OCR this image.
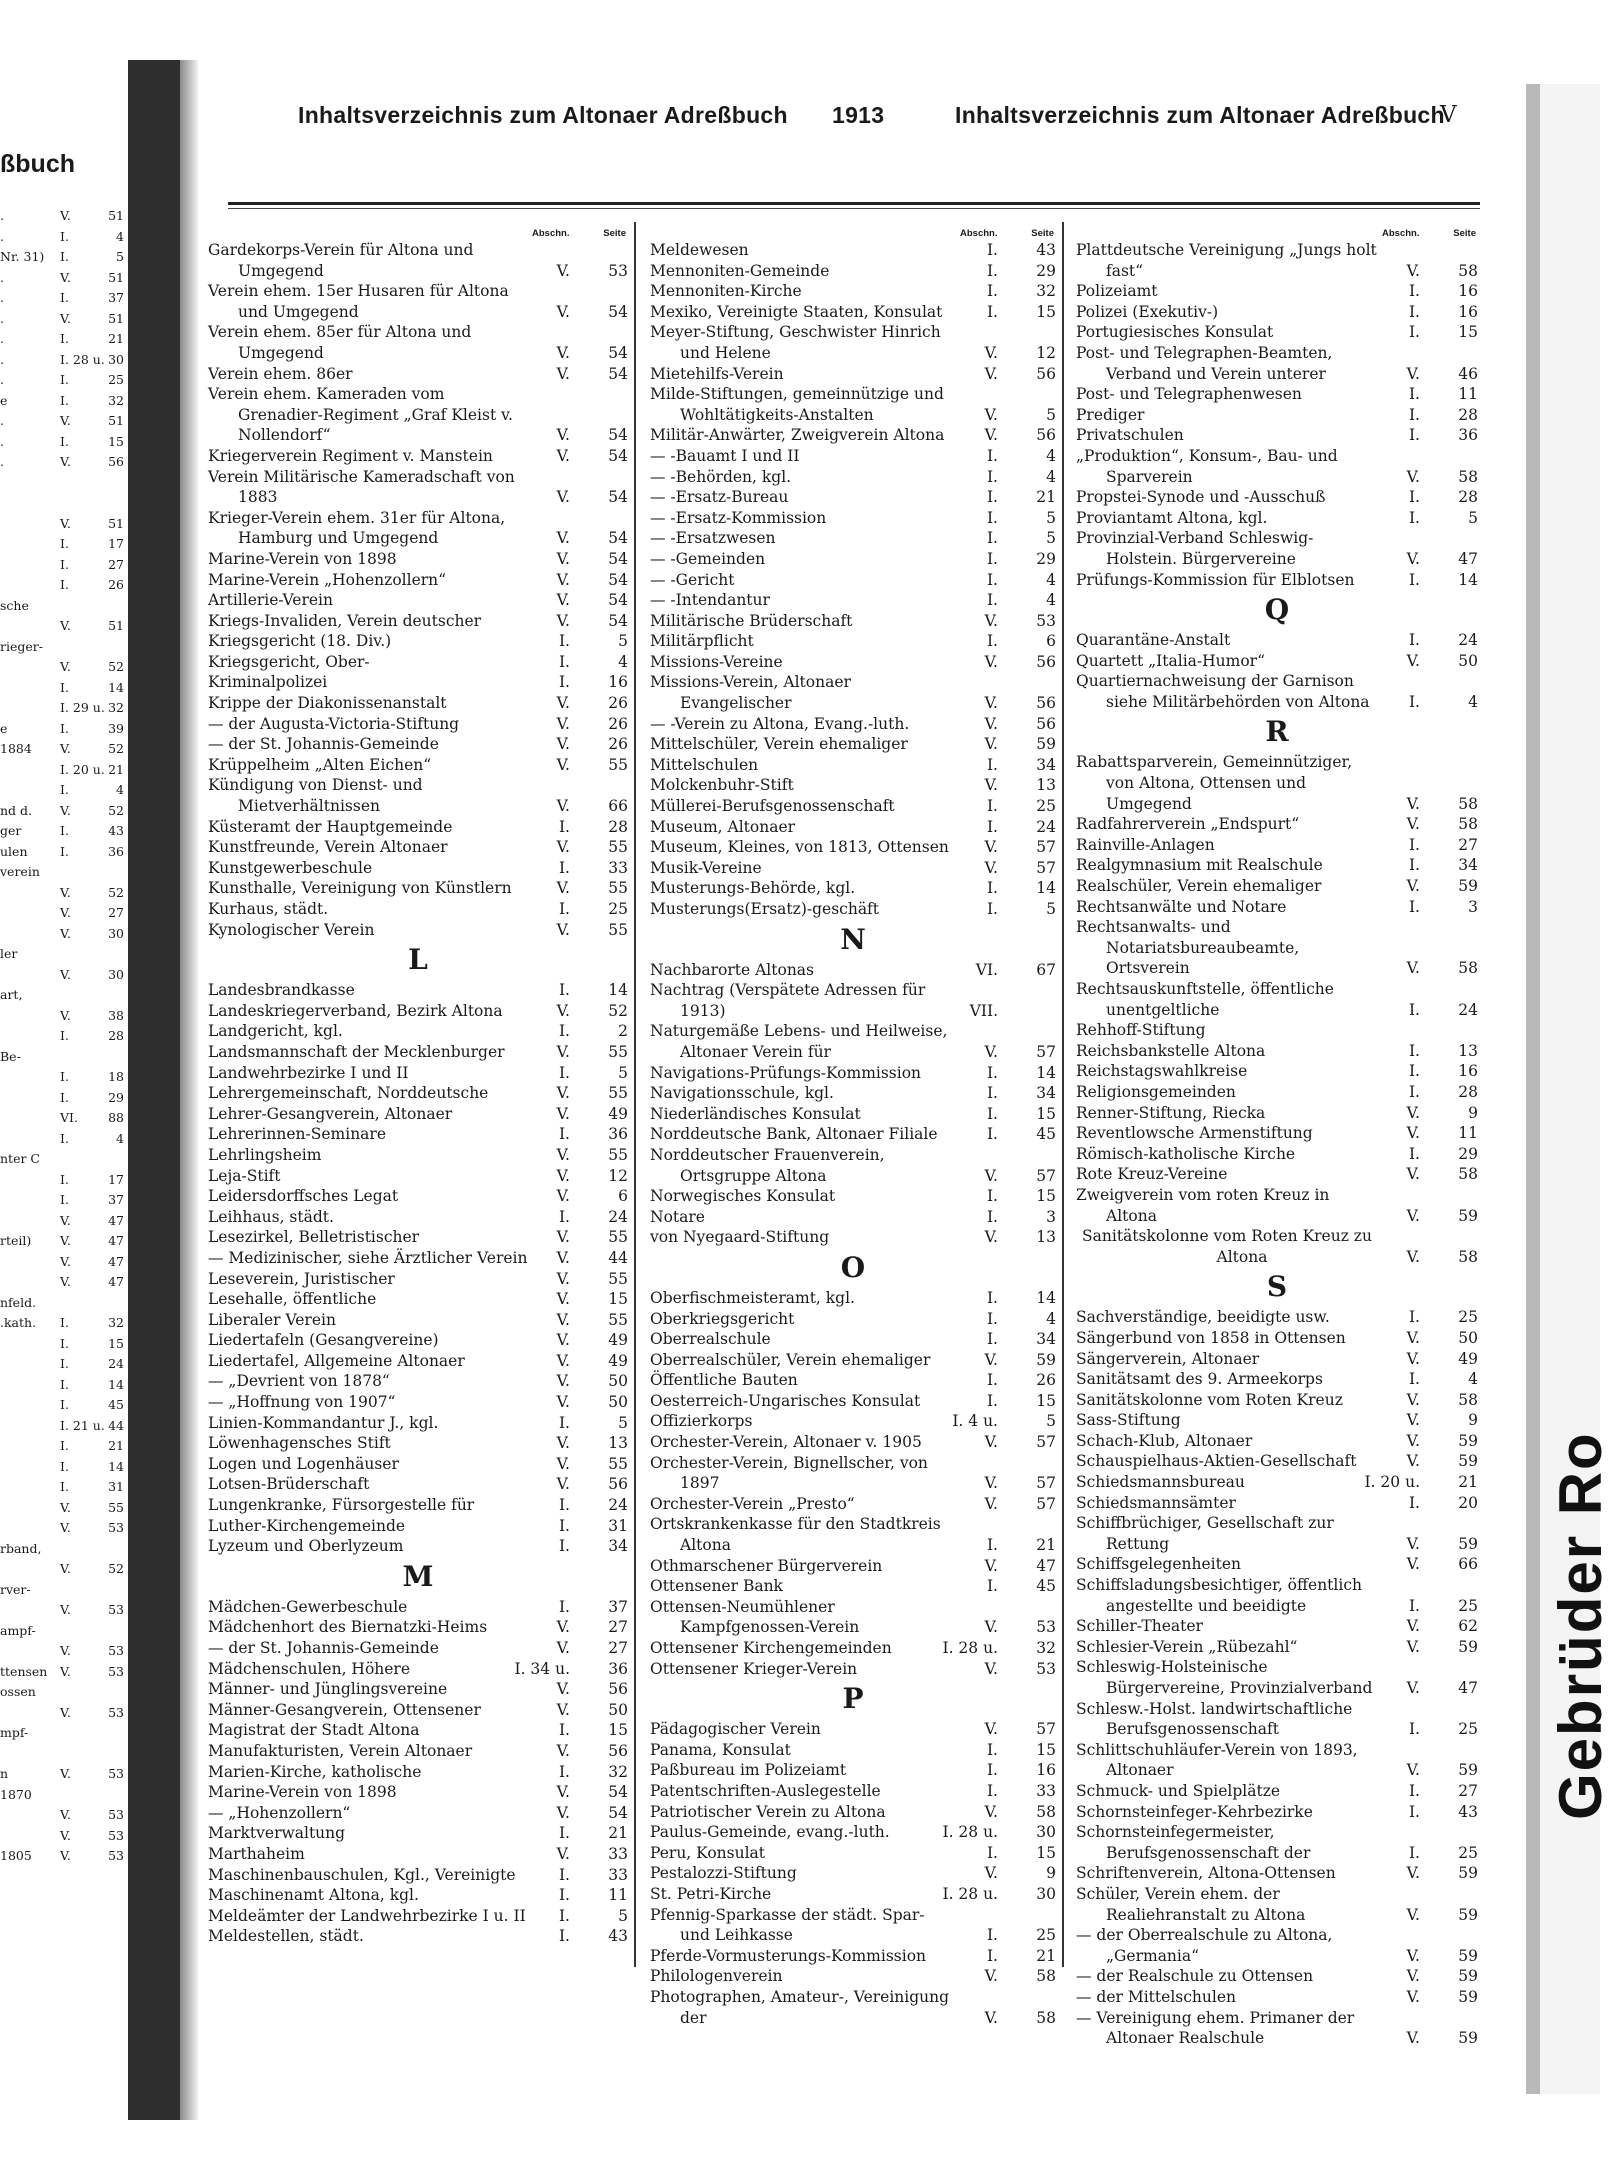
ßbuch
.	V.	51
.	I.	4
Nr. 31) I.	5
.	V.	51
.	I.	37
.	V.	51
.	I.	21
.	I. 28 u. 30
.	I.	25
e	I.	32
.	V.	51
.	I.	15
.	V.	56
V.	51
I.	17
I.	27
I.	26
sche
V.	51
rieger-
V.	52
I.	14
I. 29 u. 32
e	I.	39
1884 V.	52
I. 20 u. 21
I.	4
nd d. V.	52
ger	I.	43
ulen	I.	36
verein
V.	52
V.	27
V.	30
ler
V.	30
art,
V.	38
I.	28
Be-
I.	18
I.	29
VI. 88
I.	4
nter C
I.	17
I.	37
V.	47
rteil) V.	47
V.	47
V.	47
nfeld.
.kath. I.	32
I.	15
I.	24
I.	14
I.	45
I. 21 u. 44
I.	21
I.	14
I.	31
V.	55
V.	53
rband,
V.	52
rver-
V.	53
ampf-
V.	53
ttensen V.	53
ossen
V.	53
mpf-
n	V.	53
1870
V.	53
V.	53
1805 V.	53
Gebrüder Ro
Inhaltsverzeichnis zum Altonaer Adreßbuch 1913	Inhaltsverzeichnis zum Altonaer Adreßbuch
V
Abschn.	Seite
Gardekorps-Verein für Altona und Umgegend	V.	53
Verein ehem. 15er Husaren für Altona und Umgegend	V.	54
Verein ehem. 85er für Altona und Umgegend	V.	54
Verein ehem. 86er	V.	54
Verein ehem. Kameraden vom Grenadier-Regiment „Graf Kleist v. Nollendorf“	V.	54
Kriegerverein Regiment v. Manstein	V.	54
Verein Militärische Kameradschaft von 1883	V.	54
Krieger-Verein ehem. 31er für Altona, Hamburg und Umgegend	V.	54
Marine-Verein von 1898	V.	54
Marine-Verein „Hohenzollern“	V.	54
Artillerie-Verein	V.	54
Kriegs-Invaliden, Verein deutscher	V.	54
Kriegsgericht (18. Div.)	I.	5
Kriegsgericht, Ober-	I.	4
Kriminalpolizei	I.	16
Krippe der Diakonissenanstalt	V.	26
— der Augusta-Victoria-Stiftung	V.	26
— der St. Johannis-Gemeinde	V.	26
Krüppelheim „Alten Eichen“	V.	55
Kündigung von Dienst- und Mietverhältnissen	V.	66
Küsteramt der Hauptgemeinde	I.	28
Kunstfreunde, Verein Altonaer	V.	55
Kunstgewerbeschule	I.	33
Kunsthalle, Vereinigung von Künstlern	V.	55
Kurhaus, städt.	I.	25
Kynologischer Verein	V.	55
L
Landesbrandkasse	I.	14
Landeskriegerverband, Bezirk Altona	V.	52
Landgericht, kgl.	I.	2
Landsmannschaft der Mecklenburger	V.	55
Landwehrbezirke I und II	I.	5
Lehrergemeinschaft, Norddeutsche	V.	55
Lehrer-Gesangverein, Altonaer	V.	49
Lehrerinnen-Seminare	I.	36
Lehrlingsheim	V.	55
Leja-Stift	V.	12
Leidersdorffsches Legat	V.	6
Leihhaus, städt.	I.	24
Lesezirkel, Belletristischer	V.	55
— Medizinischer, siehe Ärztlicher Verein	V.	44
Leseverein, Juristischer	V.	55
Lesehalle, öffentliche	V.	15
Liberaler Verein	V.	55
Liedertafeln (Gesangvereine)	V.	49
Liedertafel, Allgemeine Altonaer	V.	49
— „Devrient von 1878“	V.	50
— „Hoffnung von 1907“	V.	50
Linien-Kommandantur J., kgl.	I.	5
Löwenhagensches Stift	V.	13
Logen und Logenhäuser	V.	55
Lotsen-Brüderschaft	V.	56
Lungenkranke, Fürsorgestelle für	I.	24
Luther-Kirchengemeinde	I.	31
Lyzeum und Oberlyzeum	I.	34
M
Mädchen-Gewerbeschule	I.	37
Mädchenhort des Biernatzki-Heims	V.	27
— der St. Johannis-Gemeinde	V.	27
Mädchenschulen, Höhere	I. 34 u.	36
Männer- und Jünglingsvereine	V.	56
Männer-Gesangverein, Ottensener	V.	50
Magistrat der Stadt Altona	I.	15
Manufakturisten, Verein Altonaer	V.	56
Marien-Kirche, katholische	I.	32
Marine-Verein von 1898	V.	54
— „Hohenzollern“	V.	54
Marktverwaltung	I.	21
Marthaheim	V.	33
Maschinenbauschulen, Kgl., Vereinigte	I.	33
Maschinenamt Altona, kgl.	I.	11
Meldeämter der Landwehrbezirke I u. II	I.	5
Meldestellen, städt.	I.	43
Abschn.	Seite
Meldewesen	I.	43
Mennoniten-Gemeinde	I.	29
Mennoniten-Kirche	I.	32
Mexiko, Vereinigte Staaten, Konsulat	I.	15
Meyer-Stiftung, Geschwister Hinrich und Helene	V.	12
Mietehilfs-Verein	V.	56
Milde-Stiftungen, gemeinnützige und Wohltätigkeits-Anstalten	V.	5
Militär-Anwärter, Zweigverein Altona	V.	56
— -Bauamt I und II	I.	4
— -Behörden, kgl.	I.	4
— -Ersatz-Bureau	I.	21
— -Ersatz-Kommission	I.	5
— -Ersatzwesen	I.	5
— -Gemeinden	I.	29
— -Gericht	I.	4
— -Intendantur	I.	4
Militärische Brüderschaft	V.	53
Militärpflicht	I.	6
Missions-Vereine	V.	56
Missions-Verein, Altonaer Evangelischer	V.	56
— -Verein zu Altona, Evang.-luth.	V.	56
Mittelschüler, Verein ehemaliger	V.	59
Mittelschulen	I.	34
Molckenbuhr-Stift	V.	13
Müllerei-Berufsgenossenschaft	I.	25
Museum, Altonaer	I.	24
Museum, Kleines, von 1813, Ottensen	V.	57
Musik-Vereine	V.	57
Musterungs-Behörde, kgl.	I.	14
Musterungs(Ersatz)-geschäft	I.	5
N
Nachbarorte Altonas	VI.	67
Nachtrag (Verspätete Adressen für 1913)	VII.
Naturgemäße Lebens- und Heilweise, Altonaer Verein für	V.	57
Navigations-Prüfungs-Kommission	I.	14
Navigationsschule, kgl.	I.	34
Niederländisches Konsulat	I.	15
Norddeutsche Bank, Altonaer Filiale	I.	45
Norddeutscher Frauenverein, Ortsgruppe Altona	V.	57
Norwegisches Konsulat	I.	15
Notare	I.	3
von Nyegaard-Stiftung	V.	13
O
Oberfischmeisteramt, kgl.	I.	14
Oberkriegsgericht	I.	4
Oberrealschule	I.	34
Oberrealschüler, Verein ehemaliger	V.	59
Öffentliche Bauten	I.	26
Oesterreich-Ungarisches Konsulat	I.	15
Offizierkorps	I. 4 u.	5
Orchester-Verein, Altonaer v. 1905	V.	57
Orchester-Verein, Bignellscher, von 1897	V.	57
Orchester-Verein „Presto“	V.	57
Ortskrankenkasse für den Stadtkreis Altona	I.	21
Othmarschener Bürgerverein	V.	47
Ottensener Bank	I.	45
Ottensen-Neumühlener Kampfgenossen-Verein	V.	53
Ottensener Kirchengemeinden	I. 28 u.	32
Ottensener Krieger-Verein	V.	53
P
Pädagogischer Verein	V.	57
Panama, Konsulat	I.	15
Paßbureau im Polizeiamt	I.	16
Patentschriften-Auslegestelle	I.	33
Patriotischer Verein zu Altona	V.	58
Paulus-Gemeinde, evang.-luth.	I. 28 u.	30
Peru, Konsulat	I.	15
Pestalozzi-Stiftung	V.	9
St. Petri-Kirche	I. 28 u.	30
Pfennig-Sparkasse der städt. Spar- und Leihkasse	I.	25
Pferde-Vormusterungs-Kommission	I.	21
Philologenverein	V.	58
Photographen, Amateur-, Vereinigung der	V.	58
Abschn.	Seite
Plattdeutsche Vereinigung „Jungs holt fast“	V.	58
Polizeiamt	I.	16
Polizei (Exekutiv-)	I.	16
Portugiesisches Konsulat	I.	15
Post- und Telegraphen-Beamten, Verband und Verein unterer	V.	46
Post- und Telegraphenwesen	I.	11
Prediger	I.	28
Privatschulen	I.	36
„Produktion“, Konsum-, Bau- und Sparverein	V.	58
Propstei-Synode und -Ausschuß	I.	28
Proviantamt Altona, kgl.	I.	5
Provinzial-Verband Schleswig-Holstein. Bürgervereine	V.	47
Prüfungs-Kommission für Elblotsen	I.	14
Q
Quarantäne-Anstalt	I.	24
Quartett „Italia-Humor“	V.	50
Quartiernachweisung der Garnison siehe Militärbehörden von Altona	I.	4
R
Rabattsparverein, Gemeinnütziger, von Altona, Ottensen und Umgegend	V.	58
Radfahrerverein „Endspurt“	V.	58
Rainville-Anlagen	I.	27
Realgymnasium mit Realschule	I.	34
Realschüler, Verein ehemaliger	V.	59
Rechtsanwälte und Notare	I.	3
Rechtsanwalts- und Notariatsbureaubeamte, Ortsverein	V.	58
Rechtsauskunftstelle, öffentliche unentgeltliche	I.	24
Rehhoff-Stiftung
Reichsbankstelle Altona	I.	13
Reichstagswahlkreise	I.	16
Religionsgemeinden	I.	28
Renner-Stiftung, Riecka	V.	9
Reventlowsche Armenstiftung	V.	11
Römisch-katholische Kirche	I.	29
Rote Kreuz-Vereine	V.	58
Zweigverein vom roten Kreuz in Altona	V.	59
Sanitätskolonne vom Roten Kreuz zu Altona	V.	58
S
Sachverständige, beeidigte usw.	I.	25
Sängerbund von 1858 in Ottensen	V.	50
Sängerverein, Altonaer	V.	49
Sanitätsamt des 9. Armeekorps	I.	4
Sanitätskolonne vom Roten Kreuz	V.	58
Sass-Stiftung	V.	9
Schach-Klub, Altonaer	V.	59
Schauspielhaus-Aktien-Gesellschaft	V.	59
Schiedsmannsbureau	I. 20 u.	21
Schiedsmannsämter	I.	20
Schiffbrüchiger, Gesellschaft zur Rettung	V.	59
Schiffsgelegenheiten	V.	66
Schiffsladungsbesichtiger, öffentlich angestellte und beeidigte	I.	25
Schiller-Theater	V.	62
Schlesier-Verein „Rübezahl“	V.	59
Schleswig-Holsteinische Bürgervereine, Provinzialverband	V.	47
Schlesw.-Holst. landwirtschaftliche Berufsgenossenschaft	I.	25
Schlittschuhläufer-Verein von 1893, Altonaer	V.	59
Schmuck- und Spielplätze	I.	27
Schornsteinfeger-Kehrbezirke	I.	43
Schornsteinfegermeister, Berufsgenossenschaft der	I.	25
Schriftenverein, Altona-Ottensen	V.	59
Schüler, Verein ehem. der Realiehranstalt zu Altona	V.	59
— der Oberrealschule zu Altona, „Germania“	V.	59
— der Realschule zu Ottensen	V.	59
— der Mittelschulen	V.	59
— Vereinigung ehem. Primaner der Altonaer Realschule	V.	59
